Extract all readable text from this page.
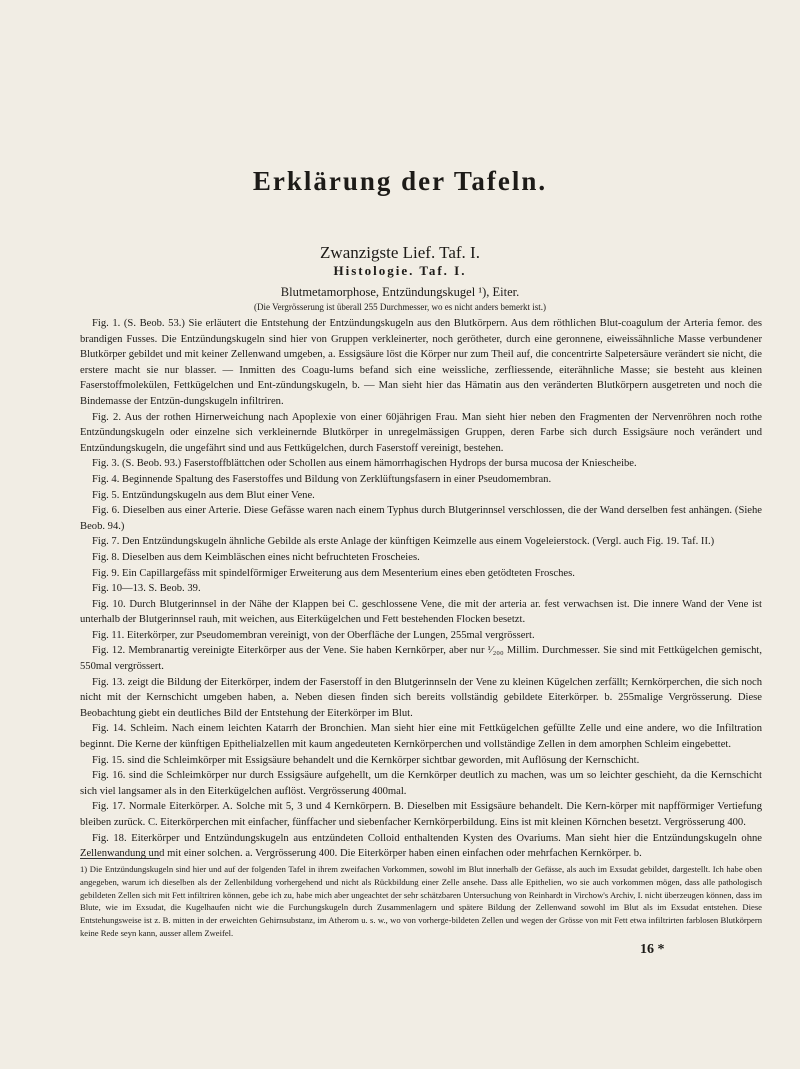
Erklärung der Tafeln.
Zwanzigste Lief. Taf. I.
Histologie. Taf. I.
Blutmetamorphose, Entzündungskugel ¹), Eiter.
(Die Vergrösserung ist überall 255 Durchmesser, wo es nicht anders bemerkt ist.)

Fig. 1. (S. Beob. 53.) Sie erläutert die Entstehung der Entzündungskugeln aus den Blutkörpern. Aus dem röthlichen Blut-coagulum der Arteria femor. des brandigen Fusses. Die Entzündungskugeln sind hier von Gruppen verkleinerter, noch gerötheter, durch eine geronnene, eiweissähnliche Masse verbundener Blutkörper gebildet und mit keiner Zellenwand umgeben, a. Essigsäure löst die Körper nur zum Theil auf, die concentrirte Salpetersäure verändert sie nicht, die erstere macht sie nur blasser. — Inmitten des Coagu-lums befand sich eine weissliche, zerfliessende, eiterähnliche Masse; sie besteht aus kleinen Faserstoffmolekülen, Fettkügelchen und Ent-zündungskugeln, b. — Man sieht hier das Hämatin aus den veränderten Blutkörpern ausgetreten und noch die Bindemasse der Entzün-dungskugeln infiltriren.

Fig. 2. Aus der rothen Hirnerweichung nach Apoplexie von einer 60jährigen Frau. Man sieht hier neben den Fragmenten der Nervenröhren noch rothe Entzündungskugeln oder einzelne sich verkleinernde Blutkörper in unregelmässigen Gruppen, deren Farbe sich durch Essigsäure noch verändert und Entzündungskugeln, die ungefährt sind und aus Fettkügelchen, durch Faserstoff vereinigt, bestehen.

Fig. 3. (S. Beob. 93.) Faserstoffblättchen oder Schollen aus einem hämorrhagischen Hydrops der bursa mucosa der Kniescheibe.

Fig. 4. Beginnende Spaltung des Faserstoffes und Bildung von Zerklüftungsfasern in einer Pseudomembran.

Fig. 5. Entzündungskugeln aus dem Blut einer Vene.

Fig. 6. Dieselben aus einer Arterie. Diese Gefässe waren nach einem Typhus durch Blutgerinnsel verschlossen, die der Wand derselben fest anhängen. (Siehe Beob. 94.)

Fig. 7. Den Entzündungskugeln ähnliche Gebilde als erste Anlage der künftigen Keimzelle aus einem Vogeleierstock. (Vergl. auch Fig. 19. Taf. II.)

Fig. 8. Dieselben aus dem Keimbläschen eines nicht befruchteten Froscheies.

Fig. 9. Ein Capillargefäss mit spindelförmiger Erweiterung aus dem Mesenterium eines eben getödteten Frosches.

Fig. 10—13. S. Beob. 39.

Fig. 10. Durch Blutgerinnsel in der Nähe der Klappen bei C. geschlossene Vene, die mit der arteria ar. fest verwachsen ist. Die innere Wand der Vene ist unterhalb der Blutgerinnsel rauh, mit weichen, aus Eiterkügelchen und Fett bestehenden Flocken besetzt.

Fig. 11. Eiterkörper, zur Pseudomembran vereinigt, von der Oberfläche der Lungen, 255mal vergrössert.

Fig. 12. Membranartig vereinigte Eiterkörper aus der Vene. Sie haben Kernkörper, aber nur ¹⁄₂₀₀ Millim. Durchmesser. Sie sind mit Fettkügelchen gemischt, 550mal vergrössert.

Fig. 13. zeigt die Bildung der Eiterkörper, indem der Faserstoff in den Blutgerinnseln der Vene zu kleinen Kügelchen zerfällt; Kernkörperchen, die sich noch nicht mit der Kernschicht umgeben haben, a. Neben diesen finden sich bereits vollständig gebildete Eiterkörper. b. 255malige Vergrösserung. Diese Beobachtung giebt ein deutliches Bild der Entstehung der Eiterkörper im Blut.

Fig. 14. Schleim. Nach einem leichten Katarrh der Bronchien. Man sieht hier eine mit Fettkügelchen gefüllte Zelle und eine andere, wo die Infiltration beginnt. Die Kerne der künftigen Epithelialzellen mit kaum angedeuteten Kernkörperchen und vollständige Zellen in dem amorphen Schleim eingebettet.

Fig. 15. sind die Schleimkörper mit Essigsäure behandelt und die Kernkörper sichtbar geworden, mit Auflösung der Kernschicht.

Fig. 16. sind die Schleimkörper nur durch Essigsäure aufgehellt, um die Kernkörper deutlich zu machen, was um so leichter geschieht, da die Kernschicht sich viel langsamer als in den Eiterkügelchen auflöst. Vergrösserung 400mal.

Fig. 17. Normale Eiterkörper. A. Solche mit 5, 3 und 4 Kernkörpern. B. Dieselben mit Essigsäure behandelt. Die Kern-körper mit napfförmiger Vertiefung bleiben zurück. C. Eiterkörperchen mit einfacher, fünffacher und siebenfacher Kernkörperbildung. Eins ist mit kleinen Körnchen besetzt. Vergrösserung 400.

Fig. 18. Eiterkörper und Entzündungskugeln aus entzündeten Colloid enthaltenden Kysten des Ovariums. Man sieht hier die Entzündungskugeln ohne Zellenwandung und mit einer solchen. a. Vergrösserung 400. Die Eiterkörper haben einen einfachen oder mehrfachen Kernkörper. b.

1) Die Entzündungskugeln sind hier und auf der folgenden Tafel in ihrem zweifachen Vorkommen, sowohl im Blut innerhalb der Gefässe, als auch im Exsudat gebildet, dargestellt. Ich habe oben angegeben, warum ich dieselben als der Zellenbildung vorhergehend und nicht als Rückbildung einer Zelle ansehe. Dass alle Epithelien, wo sie auch vorkommen mögen, dass alle pathologisch gebildeten Zellen sich mit Fett infiltriren können, gebe ich zu, habe mich aber ungeachtet der sehr schätzbaren Untersuchung von Reinhardt in Virchow's Archiv, I. nicht überzeugen können, dass im Blute, wie im Exsudat, die Kugelhaufen nicht wie die Furchungskugeln durch Zusammenlagern und spätere Bildung der Zellenwand sowohl im Blut als im Exsudat entstehen. Diese Entstehungsweise ist z. B. mitten in der erweichten Gehirnsubstanz, im Atherom u. s. w., wo von vorherge-bildeten Zellen und wegen der Grösse von mit Fett etwa infiltrirten farblosen Blutkörpern keine Rede seyn kann, ausser allem Zweifel.
16 *
